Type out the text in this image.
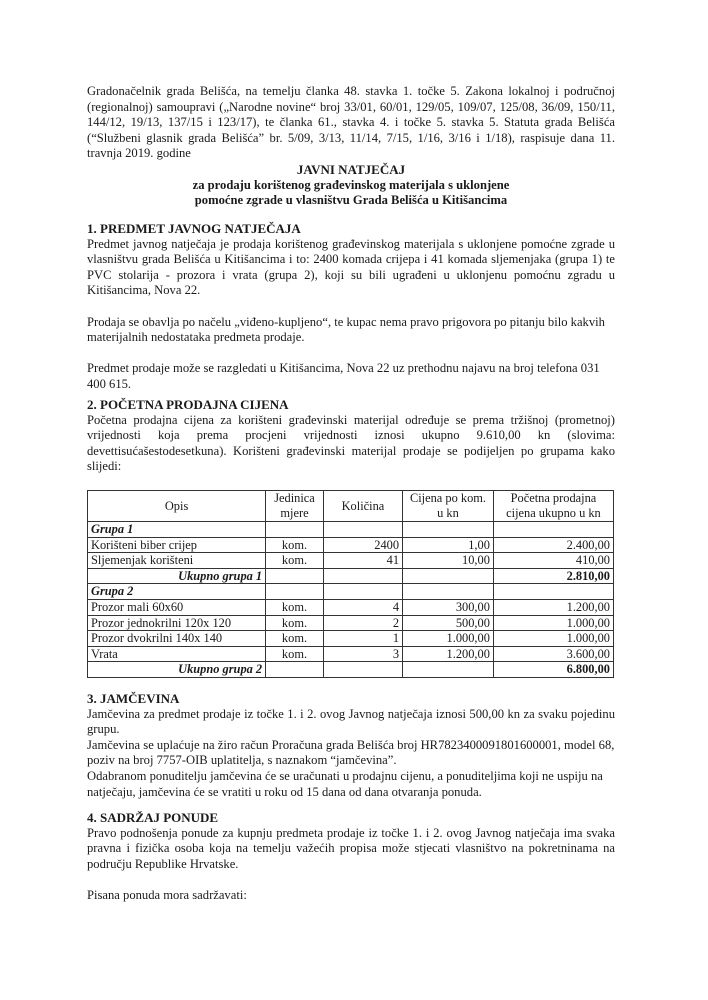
Gradonačelnik grada Belišća, na temelju članka 48. stavka 1. točke 5. Zakona lokalnoj i područnoj (regionalnoj) samoupravi („Narodne novine“ broj 33/01, 60/01, 129/05, 109/07, 125/08, 36/09, 150/11, 144/12, 19/13, 137/15 i 123/17), te članka 61., stavka 4. i točke 5. stavka 5. Statuta grada Belišća (“Službeni glasnik grada Belišća” br. 5/09, 3/13, 11/14, 7/15, 1/16, 3/16 i 1/18), raspisuje dana 11. travnja 2019. godine

JAVNI NATJEČAJ
za prodaju korištenog građevinskog materijala s uklonjene
pomoćne zgrade u vlasništvu Grada Belišća u Kitišancima

1. PREDMET JAVNOG NATJEČAJA

Predmet javnog natječaja je prodaja korištenog građevinskog materijala s uklonjene pomoćne zgrade u vlasništvu grada Belišća u Kitišancima i to: 2400 komada crijepa i 41 komada sljemenjaka (grupa 1) te PVC stolarija - prozora i vrata (grupa 2), koji su bili ugrađeni u uklonjenu pomoćnu zgradu u Kitišancima, Nova 22.

Prodaja se obavlja po načelu „viđeno-kupljeno“, te kupac nema pravo prigovora po pitanju bilo kakvih materijalnih nedostataka predmeta prodaje.

Predmet prodaje može se razgledati u Kitišancima, Nova 22 uz prethodnu najavu na broj telefona 031 400 615.

2. POČETNA PRODAJNA CIJENA

Početna prodajna cijena za korišteni građevinski materijal određuje se prema tržišnoj (prometnoj) vrijednosti koja prema procjeni vrijednosti iznosi ukupno 9.610,00 kn (slovima: devettisućašestodesetkuna). Korišteni građevinski materijal prodaje se podijeljen po grupama kako slijedi:

Opis	Jedinica mjere	Količina	Cijena po kom. u kn	Početna prodajna cijena ukupno u kn
Grupa 1				
Korišteni biber crijep	kom.	2400	1,00	2.400,00
Sljemenjak korišteni	kom.	41	10,00	410,00
Ukupno grupa 1				2.810,00
Grupa 2				
Prozor mali 60x60	kom.	4	300,00	1.200,00
Prozor jednokrilni 120x 120	kom.	2	500,00	1.000,00
Prozor dvokrilni 140x 140	kom.	1	1.000,00	1.000,00
Vrata	kom.	3	1.200,00	3.600,00
Ukupno grupa 2				6.800,00

3. JAMČEVINA

Jamčevina za predmet prodaje iz točke 1. i 2. ovog Javnog natječaja iznosi 500,00 kn za svaku pojedinu grupu.

Jamčevina se uplaćuje na žiro račun Proračuna grada Belišća broj HR7823400091801600001, model 68, poziv na broj 7757-OIB uplatitelja, s naznakom “jamčevina”.

Odabranom ponuditelju jamčevina će se uračunati u prodajnu cijenu, a ponuditeljima koji ne uspiju na natječaju, jamčevina će se vratiti u roku od 15 dana od dana otvaranja ponuda.

4. SADRŽAJ PONUDE

Pravo podnošenja ponude za kupnju predmeta prodaje iz točke 1. i 2. ovog Javnog natječaja ima svaka pravna i fizička osoba koja na temelju važećih propisa može stjecati vlasništvo na pokretninama na području Republike Hrvatske.

Pisana ponuda mora sadržavati:
